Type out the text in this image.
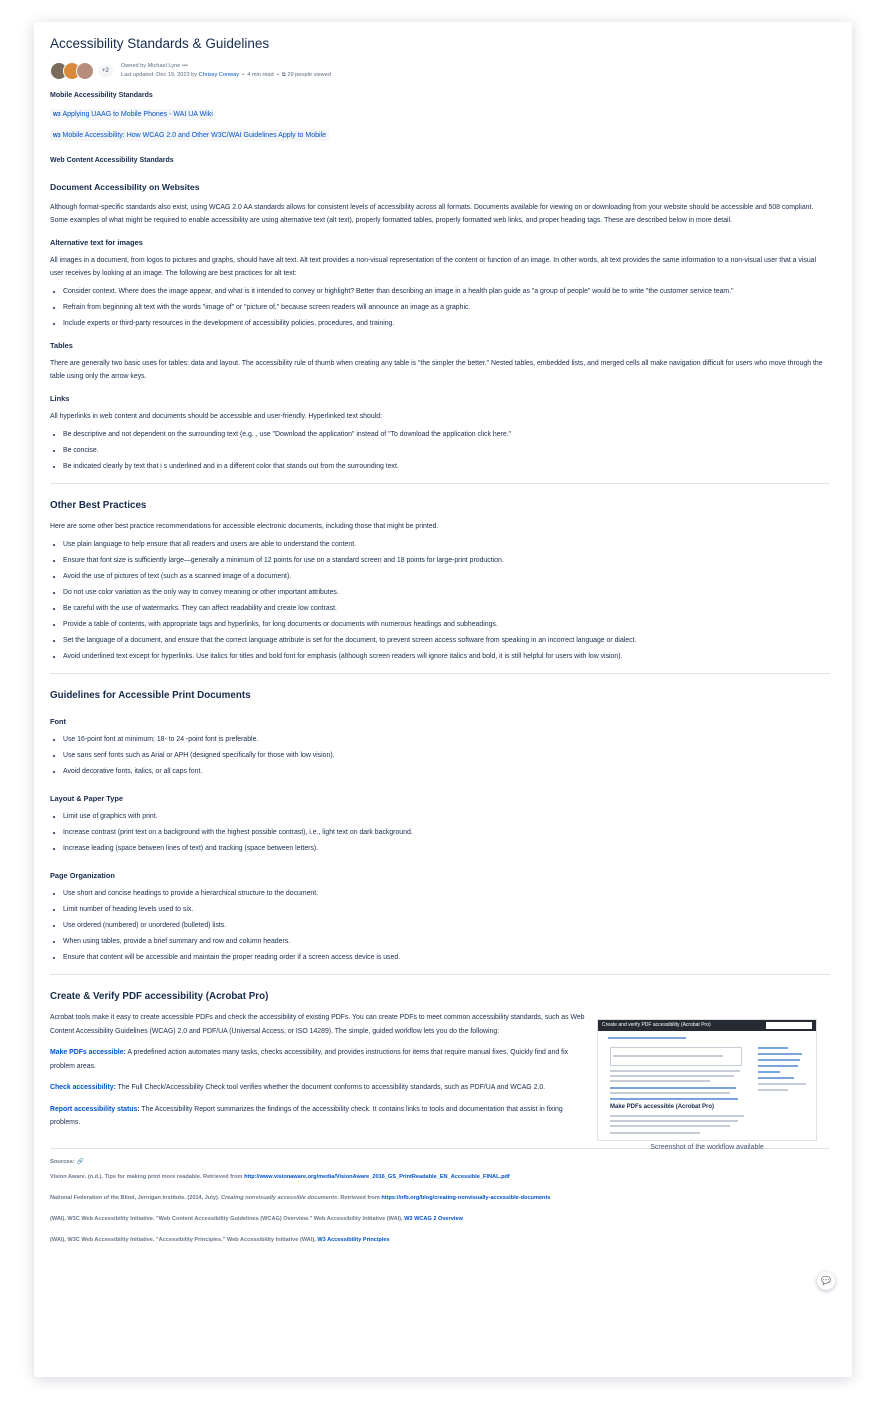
Accessibility Standards & Guidelines
+2
Owned by Michael Lyne •••
Last updated: Dec 19, 2023 by Chrissy Conway  •  4 min read  •  ⧉ 29 people viewed
Mobile Accessibility Standards
W3 Applying UAAG to Mobile Phones - WAI UA Wiki
W3 Mobile Accessibility: How WCAG 2.0 and Other W3C/WAI Guidelines Apply to Mobile
Web Content Accessibility Standards
Document Accessibility on Websites

Although format-specific standards also exist, using WCAG 2.0 AA standards allows for consistent levels of accessibility across all formats. Documents available for viewing on or downloading from your website should be accessible and 508 compliant. Some examples of what might be required to enable accessibility are using alternative text (alt text), properly formatted tables, properly formatted web links, and proper heading tags. These are described below in more detail.

Alternative text for images

All images in a document, from logos to pictures and graphs, should have alt text. Alt text provides a non-visual representation of the content or function of an image. In other words, alt text provides the same information to a non-visual user that a visual user receives by looking at an image. The following are best practices for alt text:

• Consider context. Where does the image appear, and what is it intended to convey or highlight? Better than describing an image in a health plan guide as "a group of people" would be to write "the customer service team."
• Refrain from beginning alt text with the words "image of" or "picture of," because screen readers will announce an image as a graphic.
• Include experts or third-party resources in the development of accessibility policies, procedures, and training.
Tables

There are generally two basic uses for tables: data and layout. The accessibility rule of thumb when creating any table is "the simpler the better." Nested tables, embedded lists, and merged cells all make navigation difficult for users who move through the table using only the arrow keys.

Links

All hyperlinks in web content and documents should be accessible and user-friendly. Hyperlinked text should:

• Be descriptive and not dependent on the surrounding text (e.g. , use "Download the application" instead of "To download the application click here."
• Be concise.
• Be indicated clearly by text that i s underlined and in a different color that stands out from the surrounding text.
Other Best Practices

Here are some other best practice recommendations for accessible electronic documents, including those that might be printed.

• Use plain language to help ensure that all readers and users are able to understand the content.
• Ensure that font size is sufficiently large—generally a minimum of 12 points for use on a standard screen and 18 points for large-print production.
• Avoid the use of pictures of text (such as a scanned image of a document).
• Do not use color variation as the only way to convey meaning or other important attributes.
• Be careful with the use of watermarks. They can affect readability and create low contrast.
• Provide a table of contents, with appropriate tags and hyperlinks, for long documents or documents with numerous headings and subheadings.
• Set the language of a document, and ensure that the correct language attribute is set for the document, to prevent screen access software from speaking in an incorrect language or dialect.
• Avoid underlined text except for hyperlinks. Use italics for titles and bold font for emphasis (although screen readers will ignore italics and bold, it is still helpful for users with low vision).
Guidelines for Accessible Print Documents
Font
• Use 16-point font at minimum; 18- to 24 -point font is preferable.
• Use sans serif fonts such as Arial or APH (designed specifically for those with low vision).
• Avoid decorative fonts, italics, or all caps font.
Layout & Paper Type
• Limit use of graphics with print.
• Increase contrast (print text on a background with the highest possible contrast), i.e., light text on dark background.
• Increase leading (space between lines of text) and tracking (space between letters).
Page Organization
• Use short and concise headings to provide a hierarchical structure to the document.
• Limit number of heading levels used to six.
• Use ordered (numbered) or unordered (bulleted) lists.
• When using tables, provide a brief summary and row and column headers.
• Ensure that content will be accessible and maintain the proper reading order if a screen access device is used.
Create & Verify PDF accessibility (Acrobat Pro)

Acrobat tools make it easy to create accessible PDFs and check the accessibility of existing PDFs. You can create PDFs to meet common accessibility standards, such as Web Content Accessibility Guidelines (WCAG) 2.0 and PDF/UA (Universal Access, or ISO 14289). The simple, guided workflow lets you do the following:

Make PDFs accessible: A predefined action automates many tasks, checks accessibility, and provides instructions for items that require manual fixes. Quickly find and fix problem areas.

Check accessibility: The Full Check/Accessibility Check tool verifies whether the document conforms to accessibility standards, such as PDF/UA and WCAG 2.0.

Report accessibility status: The Accessibility Report summarizes the findings of the accessibility check. It contains links to tools and documentation that assist in fixing problems.

Create and verify PDF accessibility (Acrobat Pro)
Make PDFs accessible (Acrobat Pro)
Screenshot of the workflow available
Sources: 🔗
Vision Aware. (n.d.). Tips for making print more readable. Retrieved from http://www.visionaware.org/media/VisionAware_2016_GS_PrintReadable_EN_Accessible_FINAL.pdf
National Federation of the Blind, Jernigan Institute. (2014, July). Creating nonvisually accessible documents. Retrieved from https://nfb.org/blog/creating-nonvisually-accessible-documents
(WAI), W3C Web Accessibility Initiative. "Web Content Accessibility Guidelines (WCAG) Overview." Web Accessibility Initiative (WAI), W3 WCAG 2 Overview
(WAI), W3C Web Accessibility Initiative. "Accessibility Principles." Web Accessibility Initiative (WAI), W3 Accessibility Principles
💬
